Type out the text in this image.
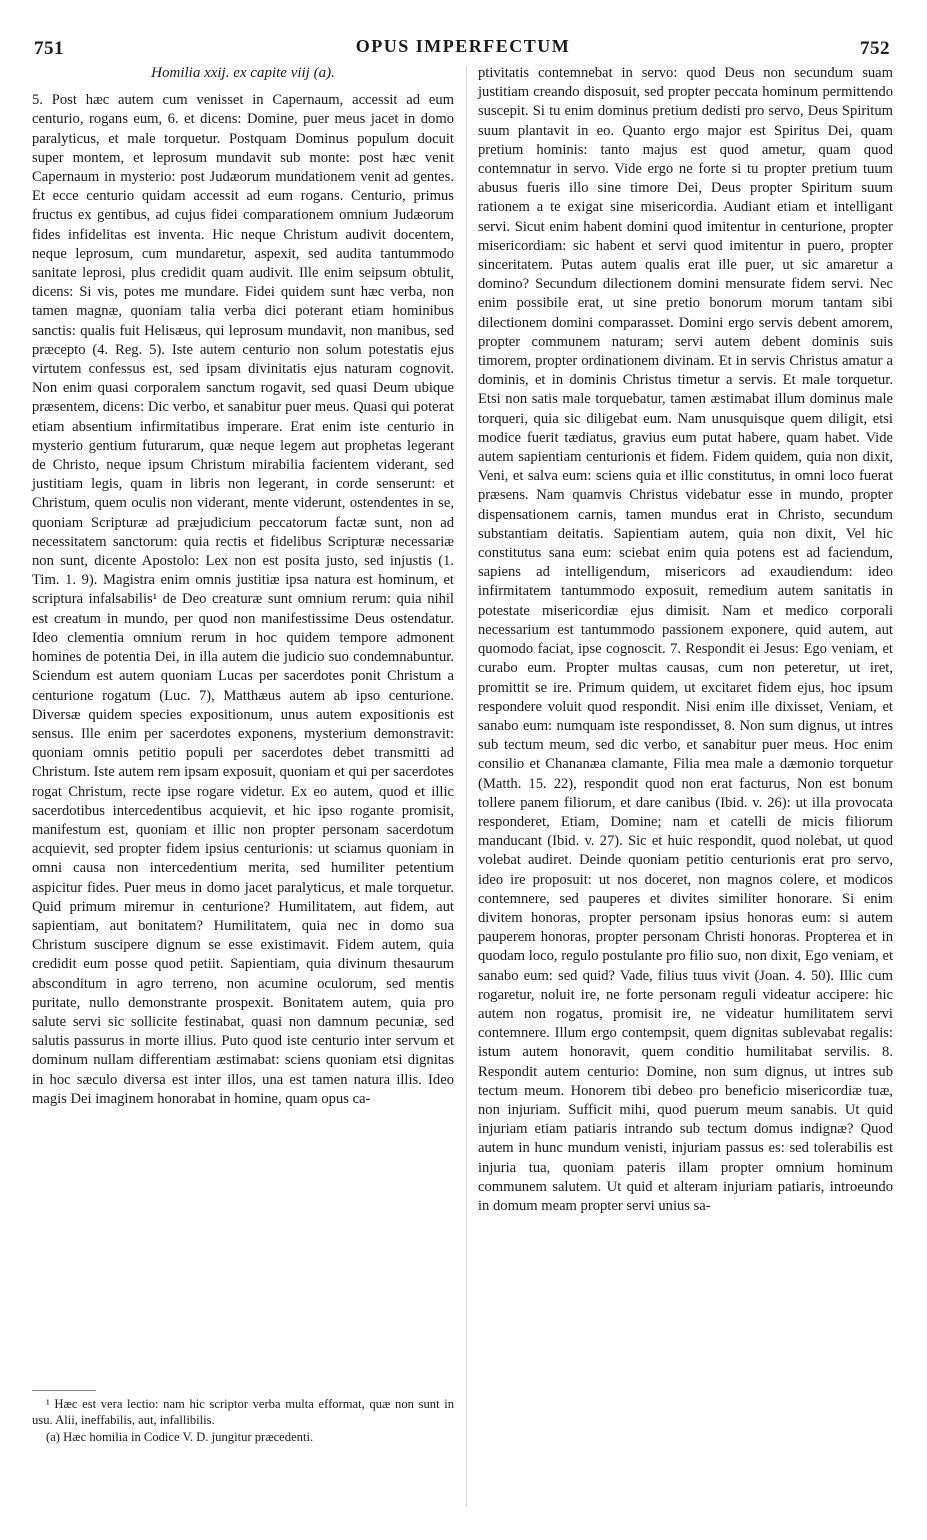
751	OPUS IMPERFECTUM	752
Homilia xxij. ex capite viij (a).

5. Post hæc autem cum venisset in Capernaum, accessit ad eum centurio, rogans eum, 6. et dicens: Domine, puer meus jacet in domo paralyticus, et male torquetur. Postquam Dominus populum docuit super montem, et leprosum mundavit sub monte: post hæc venit Capernaum in mysterio: post Judæorum mundationem venit ad gentes. Et ecce centurio quidam accessit ad eum rogans. Centurio, primus fructus ex gentibus, ad cujus fidei comparationem omnium Judæorum fides infidelitas est inventa. Hic neque Christum audivit docentem, neque leprosum, cum mundaretur, aspexit, sed audita tantummodo sanitate leprosi, plus credidit quam audivit. Ille enim seipsum obtulit, dicens: Si vis, potes me mundare. Fidei quidem sunt hæc verba, non tamen magnæ, quoniam talia verba dici poterant etiam hominibus sanctis: qualis fuit Helisæus, qui leprosum mundavit, non manibus, sed præcepto (4. Reg. 5). Iste autem centurio non solum potestatis ejus virtutem confessus est, sed ipsam divinitatis ejus naturam cognovit. Non enim quasi corporalem sanctum rogavit, sed quasi Deum ubique præsentem, dicens: Dic verbo, et sanabitur puer meus. Quasi qui poterat etiam absentium infirmitatibus imperare. Erat enim iste centurio in mysterio gentium futurarum, quæ neque legem aut prophetas legerant de Christo, neque ipsum Christum mirabilia facientem viderant, sed justitiam legis, quam in libris non legerant, in corde senserunt: et Christum, quem oculis non viderant, mente viderunt, ostendentes in se, quoniam Scripturæ ad præjudicium peccatorum factæ sunt, non ad necessitatem sanctorum: quia rectis et fidelibus Scripturæ necessariæ non sunt, dicente Apostolo: Lex non est posita justo, sed injustis (1. Tim. 1. 9). Magistra enim omnis justitiæ ipsa natura est hominum, et scriptura infalsabilis¹ de Deo creaturæ sunt omnium rerum: quia nihil est creatum in mundo, per quod non manifestissime Deus ostendatur. Ideo clementia omnium rerum in hoc quidem tempore admonent homines de potentia Dei, in illa autem die judicio suo condemnabuntur. Sciendum est autem quoniam Lucas per sacerdotes ponit Christum a centurione rogatum (Luc. 7), Matthæus autem ab ipso centurione. Diversæ quidem species expositionum, unus autem expositionis est sensus. Ille enim per sacerdotes exponens, mysterium demonstravit: quoniam omnis petitio populi per sacerdotes debet transmitti ad Christum. Iste autem rem ipsam exposuit, quoniam et qui per sacerdotes rogat Christum, recte ipse rogare videtur. Ex eo autem, quod et illic sacerdotibus intercedentibus acquievit, et hic ipso rogante promisit, manifestum est, quoniam et illic non propter personam sacerdotum acquievit, sed propter fidem ipsius centurionis: ut sciamus quoniam in omni causa non intercedentium merita, sed humiliter petentium aspicitur fides. Puer meus in domo jacet paralyticus, et male torquetur. Quid primum miremur in centurione? Humilitatem, aut fidem, aut sapientiam, aut bonitatem? Humilitatem, quia nec in domo sua Christum suscipere dignum se esse existimavit. Fidem autem, quia credidit eum posse quod petiit. Sapientiam, quia divinum thesaurum absconditum in agro terreno, non acumine oculorum, sed mentis puritate, nullo demonstrante prospexit. Bonitatem autem, quia pro salute servi sic sollicite festinabat, quasi non damnum pecuniæ, sed salutis passurus in morte illius. Puto quod iste centurio inter servum et dominum nullam differentiam æstimabat: sciens quoniam etsi dignitas in hoc sæculo diversa est inter illos, una est tamen natura illis. Ideo magis Dei imaginem honorabat in homine, quam opus ca-

ptivitatis contemnebat in servo: quod Deus non secundum suam justitiam creando disposuit, sed propter peccata hominum permittendo suscepit. Si tu enim dominus pretium dedisti pro servo, Deus Spiritum suum plantavit in eo. Quanto ergo major est Spiritus Dei, quam pretium hominis: tanto majus est quod ametur, quam quod contemnatur in servo. Vide ergo ne forte si tu propter pretium tuum abusus fueris illo sine timore Dei, Deus propter Spiritum suum rationem a te exigat sine misericordia. Audiant etiam et intelligant servi. Sicut enim habent domini quod imitentur in centurione, propter misericordiam: sic habent et servi quod imitentur in puero, propter sinceritatem. Putas autem qualis erat ille puer, ut sic amaretur a domino? Secundum dilectionem domini mensurate fidem servi. Nec enim possibile erat, ut sine pretio bonorum morum tantam sibi dilectionem domini comparasset. Domini ergo servis debent amorem, propter communem naturam; servi autem debent dominis suis timorem, propter ordinationem divinam. Et in servis Christus amatur a dominis, et in dominis Christus timetur a servis. Et male torquetur. Etsi non satis male torquebatur, tamen æstimabat illum dominus male torqueri, quia sic diligebat eum. Nam unusquisque quem diligit, etsi modice fuerit tædiatus, gravius eum putat habere, quam habet. Vide autem sapientiam centurionis et fidem. Fidem quidem, quia non dixit, Veni, et salva eum: sciens quia et illic constitutus, in omni loco fuerat præsens. Nam quamvis Christus videbatur esse in mundo, propter dispensationem carnis, tamen mundus erat in Christo, secundum substantiam deitatis. Sapientiam autem, quia non dixit, Vel hic constitutus sana eum: sciebat enim quia potens est ad faciendum, sapiens ad intelligendum, misericors ad exaudiendum: ideo infirmitatem tantummodo exposuit, remedium autem sanitatis in potestate misericordiæ ejus dimisit. Nam et medico corporali necessarium est tantummodo passionem exponere, quid autem, aut quomodo faciat, ipse cognoscit. 7. Respondit ei Jesus: Ego veniam, et curabo eum. Propter multas causas, cum non peteretur, ut iret, promittit se ire. Primum quidem, ut excitaret fidem ejus, hoc ipsum respondere voluit quod respondit. Nisi enim ille dixisset, Veniam, et sanabo eum: numquam iste respondisset, 8. Non sum dignus, ut intres sub tectum meum, sed dic verbo, et sanabitur puer meus. Hoc enim consilio et Chananæa clamante, Filia mea male a dæmonio torquetur (Matth. 15. 22), respondit quod non erat facturus, Non est bonum tollere panem filiorum, et dare canibus (Ibid. v. 26): ut illa provocata responderet, Etiam, Domine; nam et catelli de micis filiorum manducant (Ibid. v. 27). Sic et huic respondit, quod nolebat, ut quod volebat audiret. Deinde quoniam petitio centurionis erat pro servo, ideo ire proposuit: ut nos doceret, non magnos colere, et modicos contemnere, sed pauperes et divites similiter honorare. Si enim divitem honoras, propter personam ipsius honoras eum: si autem pauperem honoras, propter personam Christi honoras. Propterea et in quodam loco, regulo postulante pro filio suo, non dixit, Ego veniam, et sanabo eum: sed quid? Vade, filius tuus vivit (Joan. 4. 50). Illic cum rogaretur, noluit ire, ne forte personam reguli videatur accipere: hic autem non rogatus, promisit ire, ne videatur humilitatem servi contemnere. Illum ergo contempsit, quem dignitas sublevabat regalis: istum autem honoravit, quem conditio humilitabat servilis. 8. Respondit autem centurio: Domine, non sum dignus, ut intres sub tectum meum. Honorem tibi debeo pro beneficio misericordiæ tuæ, non injuriam. Sufficit mihi, quod puerum meum sanabis. Ut quid injuriam etiam patiaris intrando sub tectum domus indignæ? Quod autem in hunc mundum venisti, injuriam passus es: sed tolerabilis est injuria tua, quoniam pateris illam propter omnium hominum communem salutem. Ut quid et alteram injuriam patiaris, introeundo in domum meam propter servi unius sa-

¹ Hæc est vera lectio: nam hic scriptor verba multa efformat, quæ non sunt in usu. Alii, ineffabilis, aut, infallibilis.

(a) Hæc homilia in Codice V. D. jungitur præcedenti.
